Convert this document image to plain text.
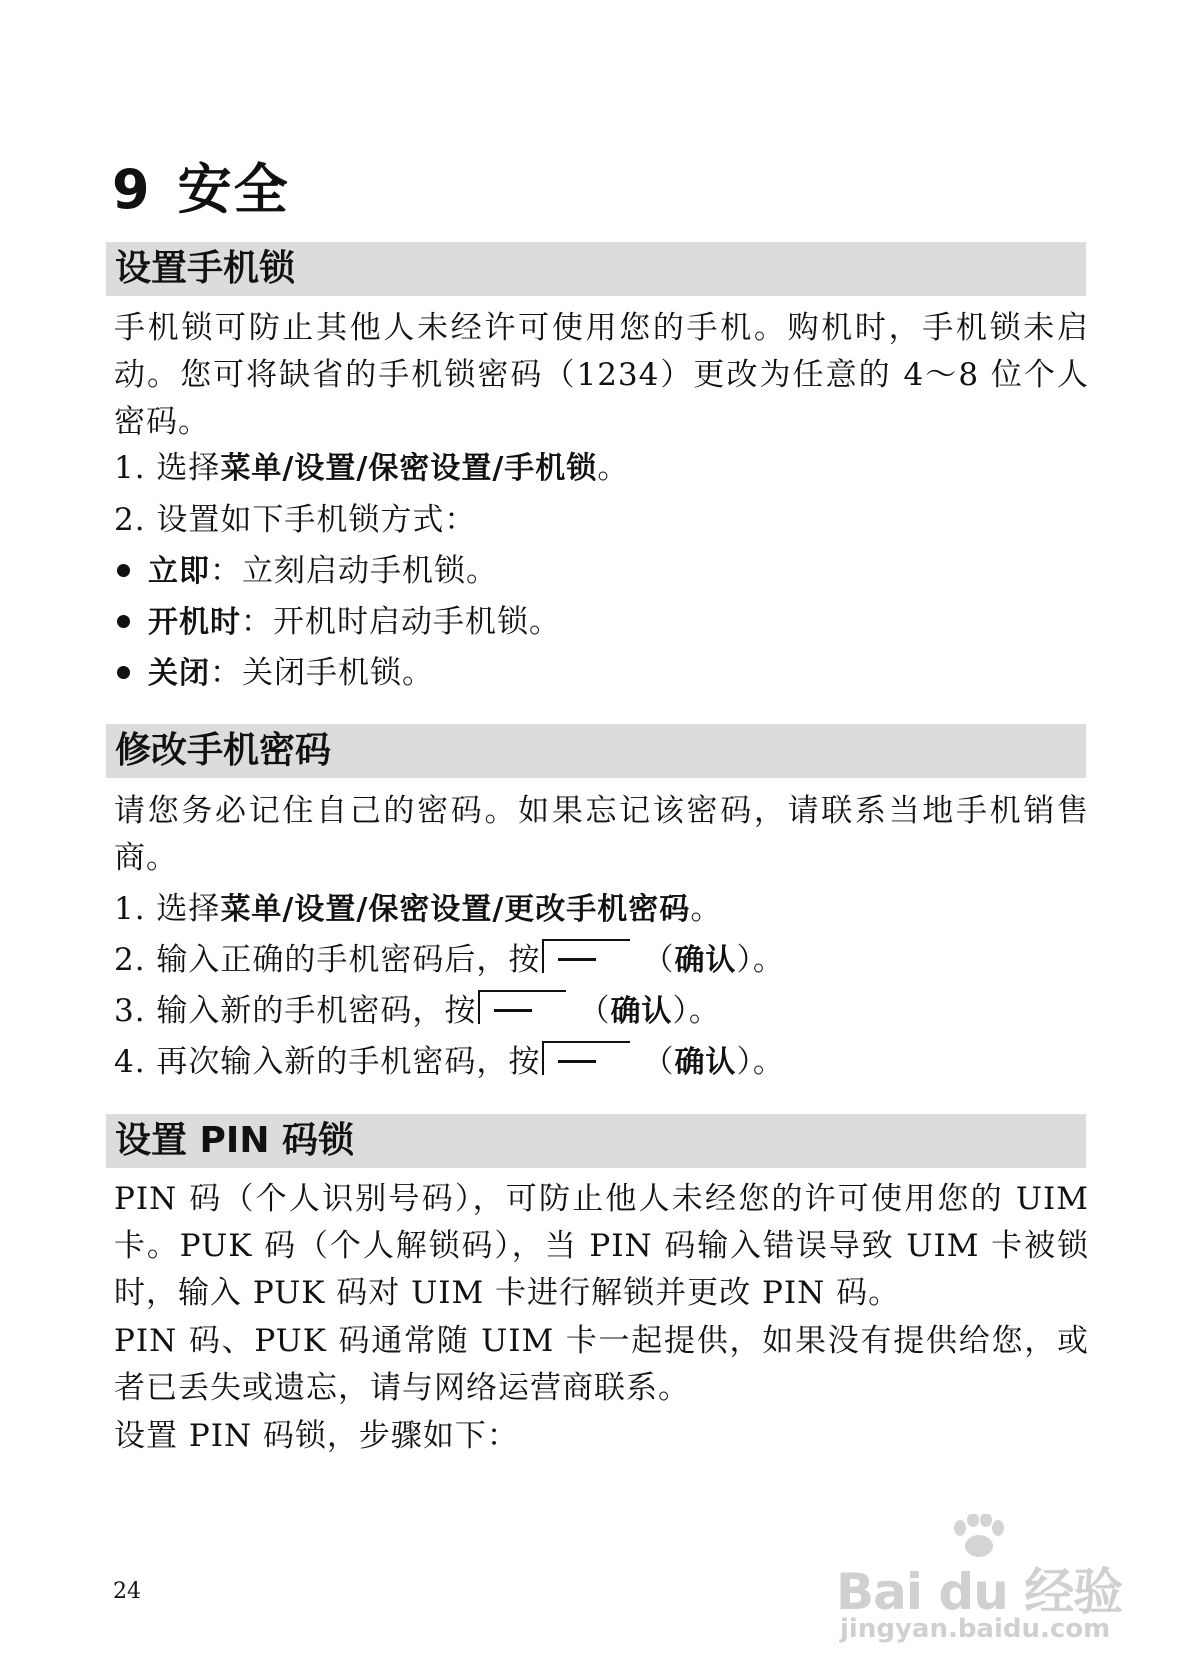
9 安全
设置手机锁

手机锁可防止其他人未经许可使用您的手机。购机时，手机锁未启动。您可将缺省的手机锁密码（1234）更改为任意的 4～8 位个人密码。

1. 选择菜单/设置/保密设置/手机锁。

2. 设置如下手机锁方式：

立即：立刻启动手机锁。

开机时：开机时启动手机锁。

关闭：关闭手机锁。

修改手机密码

请您务必记住自己的密码。如果忘记该密码，请联系当地手机销售商。

1. 选择菜单/设置/保密设置/更改手机密码。

2. 输入正确的手机密码后，按	（确认）。

3. 输入新的手机密码，按	（确认）。

4. 再次输入新的手机密码，按	（确认）。

设置 PIN 码锁

PIN 码（个人识别号码），可防止他人未经您的许可使用您的 UIM 卡。PUK 码（个人解锁码），当 PIN 码输入错误导致 UIM 卡被锁时，输入 PUK 码对 UIM 卡进行解锁并更改 PIN 码。

PIN 码、PUK 码通常随 UIM 卡一起提供，如果没有提供给您，或者已丢失或遗忘，请与网络运营商联系。

设置 PIN 码锁，步骤如下：

24	Bai du 经验
jingyan.baidu.com
